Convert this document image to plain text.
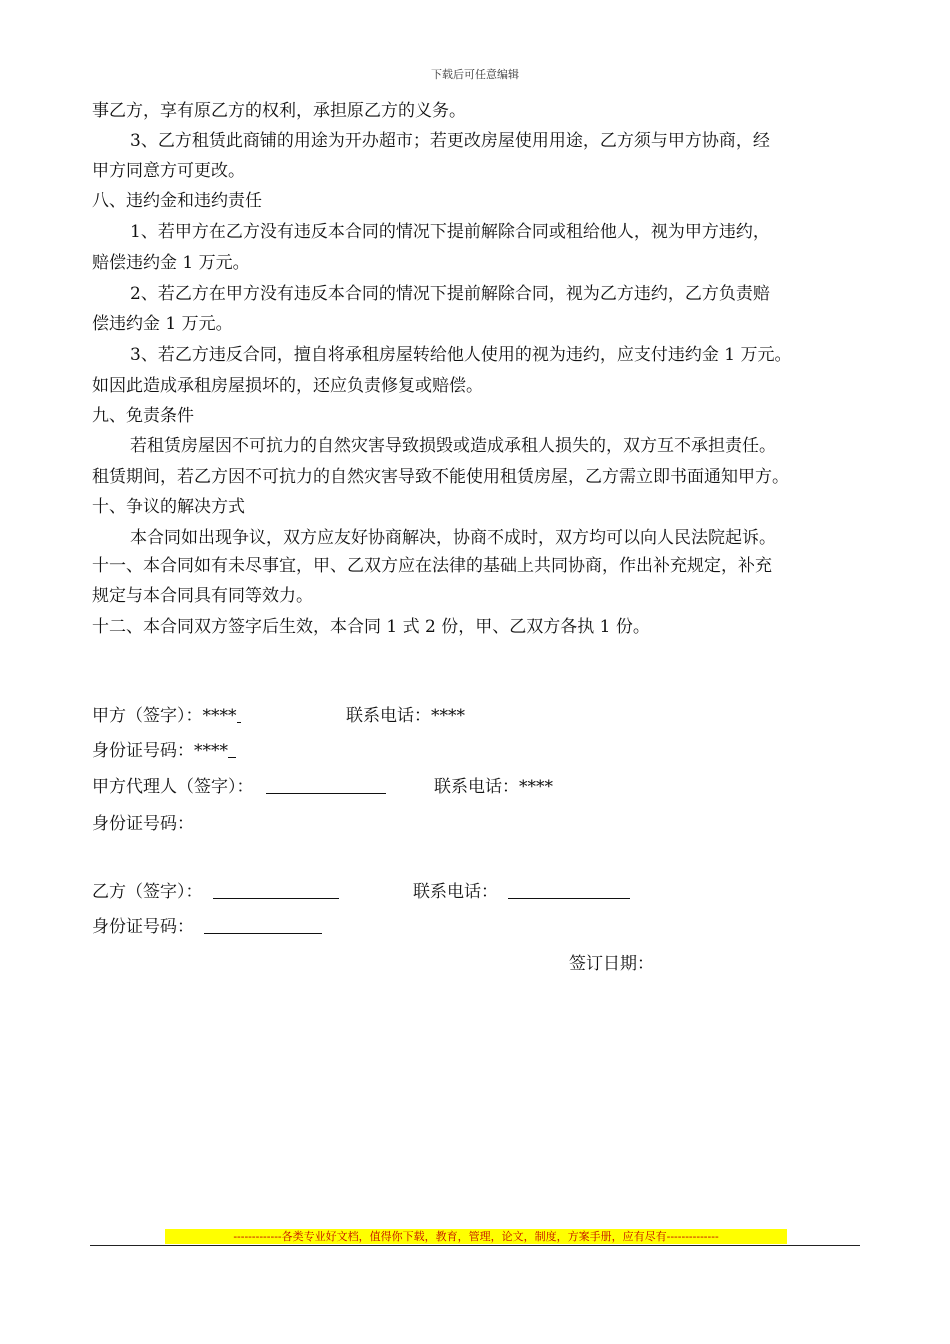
下载后可任意编辑
事乙方，享有原乙方的权利，承担原乙方的义务。
3、乙方租赁此商铺的用途为开办超市；若更改房屋使用用途，乙方须与甲方协商，经
甲方同意方可更改。
八、违约金和违约责任
1、若甲方在乙方没有违反本合同的情况下提前解除合同或租给他人，视为甲方违约，
赔偿违约金 1 万元。
2、若乙方在甲方没有违反本合同的情况下提前解除合同，视为乙方违约，乙方负责赔
偿违约金 1 万元。
3、若乙方违反合同，擅自将承租房屋转给他人使用的视为违约，应支付违约金 1 万元。
如因此造成承租房屋损坏的，还应负责修复或赔偿。
九、免责条件
若租赁房屋因不可抗力的自然灾害导致损毁或造成承租人损失的，双方互不承担责任。
租赁期间，若乙方因不可抗力的自然灾害导致不能使用租赁房屋，乙方需立即书面通知甲方。
十、争议的解决方式
本合同如出现争议，双方应友好协商解决，协商不成时，双方均可以向人民法院起诉。
十一、本合同如有未尽事宜，甲、乙双方应在法律的基础上共同协商，作出补充规定，补充
规定与本合同具有同等效力。
十二、本合同双方签字后生效，本合同 1 式 2 份，甲、乙双方各执 1 份。
甲方（签字）：****	联系电话：****
身份证号码：****
甲方代理人（签字）：	联系电话：****
身份证号码：
乙方（签字）：	联系电话：
身份证号码：
签订日期：
-------------各类专业好文档，值得你下载，教育，管理，论文，制度，方案手册，应有尽有--------------
